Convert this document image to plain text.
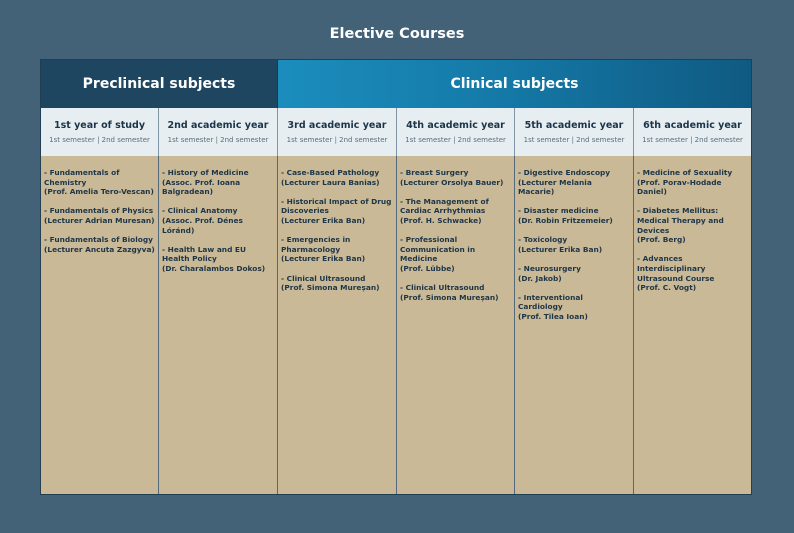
Elective Courses
Preclinical subjects	Clinical subjects
1st year of study
1st semester | 2nd semester
2nd academic year
1st semester | 2nd semester
3rd academic year
1st semester | 2nd semester
4th academic year
1st semester | 2nd semester
5th academic year
1st semester | 2nd semester
6th academic year
1st semester | 2nd semester
- Fundamentals of Chemistry
(Prof. Amelia Tero-Vescan)
- Fundamentals of Physics
(Lecturer Adrian Muresan)
- Fundamentals of Biology
(Lecturer Ancuta Zazgyva)
- History of Medicine
(Assoc. Prof. Ioana Balgradean)
- Clinical Anatomy
(Assoc. Prof. Dénes Lóránd)
- Health Law and EU Health Policy
(Dr. Charalambos Dokos)
- Case-Based Pathology
(Lecturer Laura Banias)
- Historical Impact of Drug Discoveries
(Lecturer Erika Ban)
- Emergencies in Pharmacology
(Lecturer Erika Ban)
- Clinical Ultrasound
(Prof. Simona Mureșan)
- Breast Surgery
(Lecturer Orsolya Bauer)
- The Management of Cardiac Arrhythmias
(Prof. H. Schwacke)
- Professional Communication in Medicine
(Prof. Lübbe)
- Clinical Ultrasound
(Prof. Simona Mureșan)
- Digestive Endoscopy
(Lecturer Melania Macarie)
- Disaster medicine
(Dr. Robin Fritzemeier)
- Toxicology
(Lecturer Erika Ban)
- Neurosurgery
(Dr. Jakob)
- Interventional Cardiology
(Prof. Tilea Ioan)
- Medicine of Sexuality
(Prof. Porav-Hodade Daniel)
- Diabetes Mellitus: Medical Therapy and Devices
(Prof. Berg)
- Advances Interdisciplinary Ultrasound Course
(Prof. C. Vogt)
